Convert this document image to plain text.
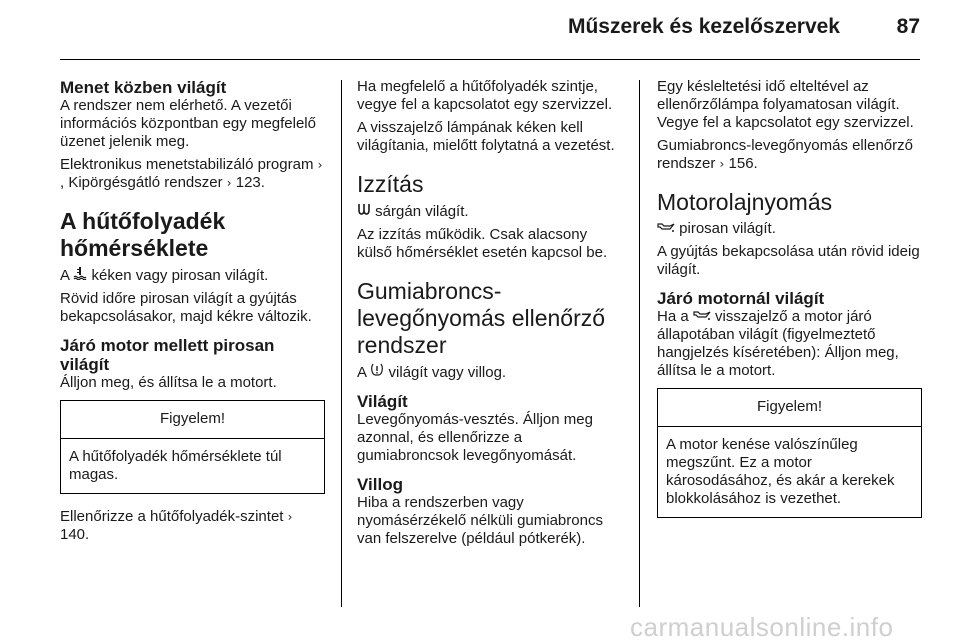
Műszerek és kezelőszervek	87
Menet közben világít

A rendszer nem elérhető. A vezetői információs központban egy megfelelő üzenet jelenik meg.

Elektronikus menetstabilizáló program › , Kipörgésgátló rendszer › 123.

A hűtőfolyadék hőmérséklete

A  kéken vagy pirosan világít.

Rövid időre pirosan világít a gyújtás bekapcsolásakor, majd kékre változik.

Járó motor mellett pirosan világít

Álljon meg, és állítsa le a motort.

Figyelem!
A hűtőfolyadék hőmérséklete túl magas.

Ellenőrizze a hűtőfolyadék-szintet › 140.

Ha megfelelő a hűtőfolyadék szintje, vegye fel a kapcsolatot egy szervizzel.

A visszajelző lámpának kéken kell világítania, mielőtt folytatná a vezetést.

Izzítás

sárgán világít.

Az izzítás működik. Csak alacsony külső hőmérséklet esetén kapcsol be.

Gumiabroncs-levegőnyomás ellenőrző rendszer

A  világít vagy villog.

Világít

Levegőnyomás-vesztés. Álljon meg azonnal, és ellenőrizze a gumiabroncsok levegőnyomását.

Villog

Hiba a rendszerben vagy nyomásérzékelő nélküli gumiabroncs van felszerelve (például pótkerék).

Egy késleltetési idő elteltével az ellenőrzőlámpa folyamatosan világít. Vegye fel a kapcsolatot egy szervizzel.

Gumiabroncs-levegőnyomás ellenőrző rendszer › 156.

Motorolajnyomás

pirosan világít.

A gyújtás bekapcsolása után rövid ideig világít.

Járó motornál világít

Ha a  visszajelző a motor járó állapotában világít (figyelmeztető hangjelzés kíséretében): Álljon meg, állítsa le a motort.

Figyelem!
A motor kenése valószínűleg megszűnt. Ez a motor károsodásához, és akár a kerekek blokkolásához is vezethet.
carmanualsonline.info
